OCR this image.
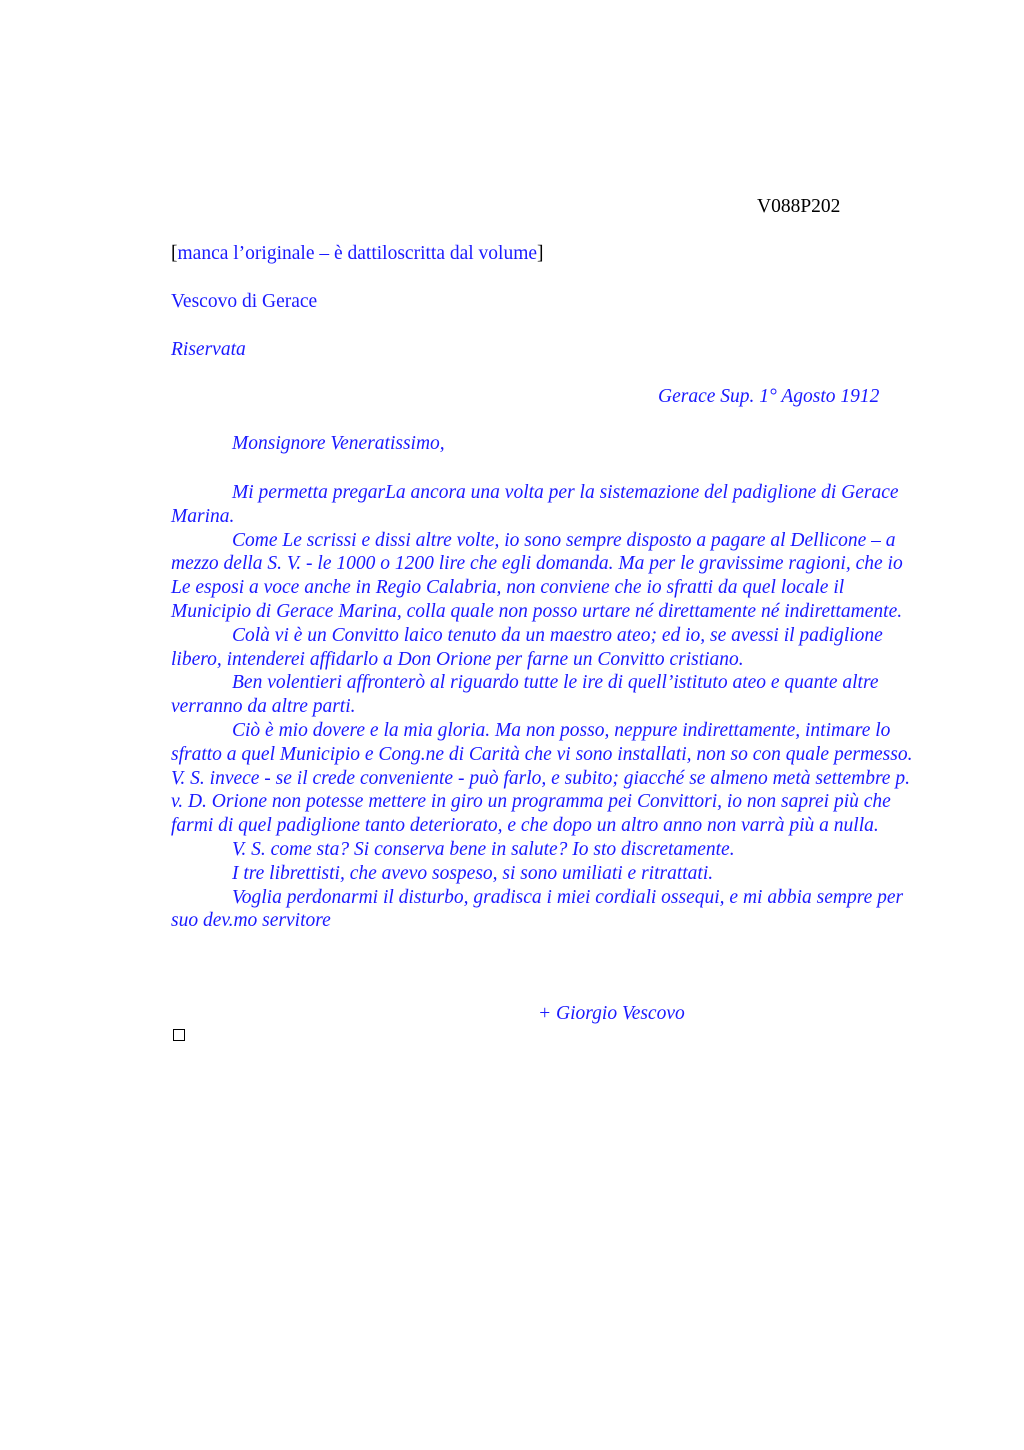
V088P202
[manca l’originale – è dattiloscritta dal volume]
Vescovo di Gerace
Riservata
Gerace Sup. 1° Agosto 1912
Monsignore Veneratissimo,

Mi permetta pregarLa ancora una volta per la sistemazione del padiglione di Gerace Marina.

Come Le scrissi e dissi altre volte, io sono sempre disposto a pagare al Dellicone – a mezzo della S. V. - le 1000 o 1200 lire che egli domanda. Ma per le gravissime ragioni, che io Le esposi a voce anche in Regio Calabria, non conviene che io sfratti da quel locale il Municipio di Gerace Marina, colla quale non posso urtare né direttamente né indirettamente.

Colà vi è un Convitto laico tenuto da un maestro ateo; ed io, se avessi il padiglione libero, intenderei affidarlo a Don Orione per farne un Convitto cristiano.

Ben volentieri affronterò al riguardo tutte le ire di quell’istituto ateo e quante altre verranno da altre parti.

Ciò è mio dovere e la mia gloria. Ma non posso, neppure indirettamente, intimare lo sfratto a quel Municipio e Cong.ne di Carità che vi sono installati, non so con quale permesso. V. S. invece - se il crede conveniente - può farlo, e subito; giacché se almeno metà settembre p. v. D. Orione non potesse mettere in giro un programma pei Convittori, io non saprei più che farmi di quel padiglione tanto deteriorato, e che dopo un altro anno non varrà più a nulla.

V. S. come sta? Si conserva bene in salute? Io sto discretamente.

I tre librettisti, che avevo sospeso, si sono umiliati e ritrattati.

Voglia perdonarmi il disturbo, gradisca i miei cordiali ossequi, e mi abbia sempre per suo dev.mo servitore

+ Giorgio Vescovo
